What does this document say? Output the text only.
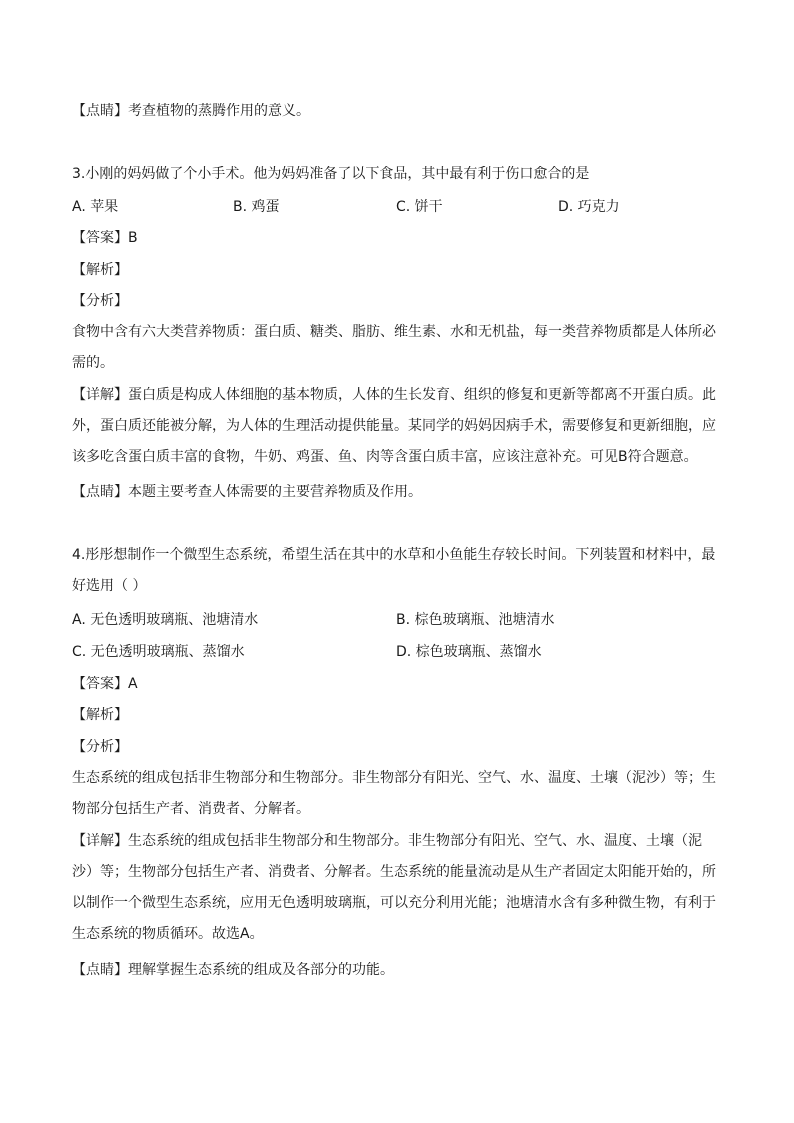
【点睛】考查植物的蒸腾作用的意义。
3.小刚的妈妈做了个小手术。他为妈妈准备了以下食品，其中最有利于伤口愈合的是
A. 苹果	B. 鸡蛋	C. 饼干	D. 巧克力
【答案】B
【解析】
【分析】
食物中含有六大类营养物质：蛋白质、糖类、脂肪、维生素、水和无机盐，每一类营养物质都是人体所必需的。
【详解】蛋白质是构成人体细胞的基本物质，人体的生长发育、组织的修复和更新等都离不开蛋白质。此外，蛋白质还能被分解，为人体的生理活动提供能量。某同学的妈妈因病手术，需要修复和更新细胞，应该多吃含蛋白质丰富的食物，牛奶、鸡蛋、鱼、肉等含蛋白质丰富，应该注意补充。可见B符合题意。
【点睛】本题主要考查人体需要的主要营养物质及作用。
4.彤彤想制作一个微型生态系统，希望生活在其中的水草和小鱼能生存较长时间。下列装置和材料中，最好选用（ ）
A. 无色透明玻璃瓶、池塘清水	B. 棕色玻璃瓶、池塘清水
C. 无色透明玻璃瓶、蒸馏水	D. 棕色玻璃瓶、蒸馏水
【答案】A
【解析】
【分析】
生态系统的组成包括非生物部分和生物部分。非生物部分有阳光、空气、水、温度、土壤（泥沙）等；生物部分包括生产者、消费者、分解者。
【详解】生态系统的组成包括非生物部分和生物部分。非生物部分有阳光、空气、水、温度、土壤（泥沙）等；生物部分包括生产者、消费者、分解者。生态系统的能量流动是从生产者固定太阳能开始的，所以制作一个微型生态系统，应用无色透明玻璃瓶，可以充分利用光能；池塘清水含有多种微生物，有利于生态系统的物质循环。故选A。
【点睛】理解掌握生态系统的组成及各部分的功能。
